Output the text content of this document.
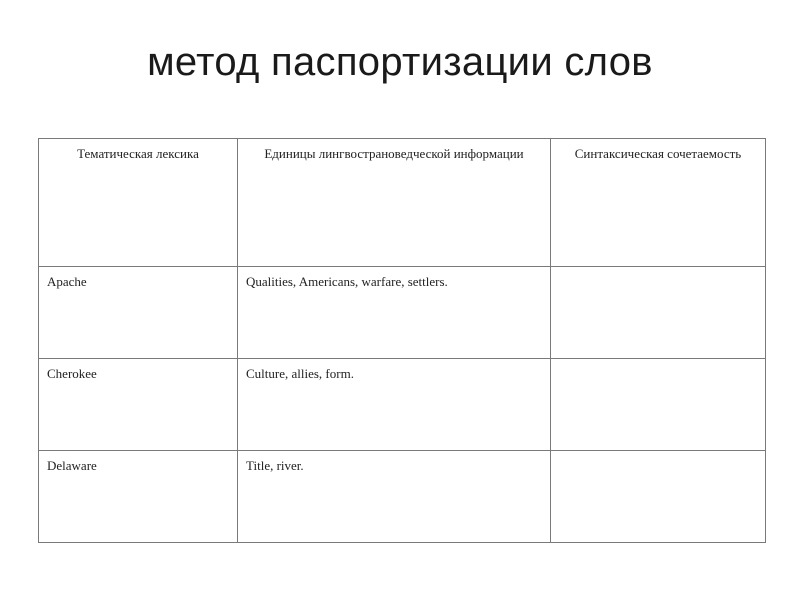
метод паспортизации слов
Тематическая лексика	Единицы лингвострановедческой информации	Синтаксическая сочетаемость
Apache	Qualities, Americans, warfare, settlers.	
Cherokee	Culture, allies, form.	
Delaware	Title, river.	
